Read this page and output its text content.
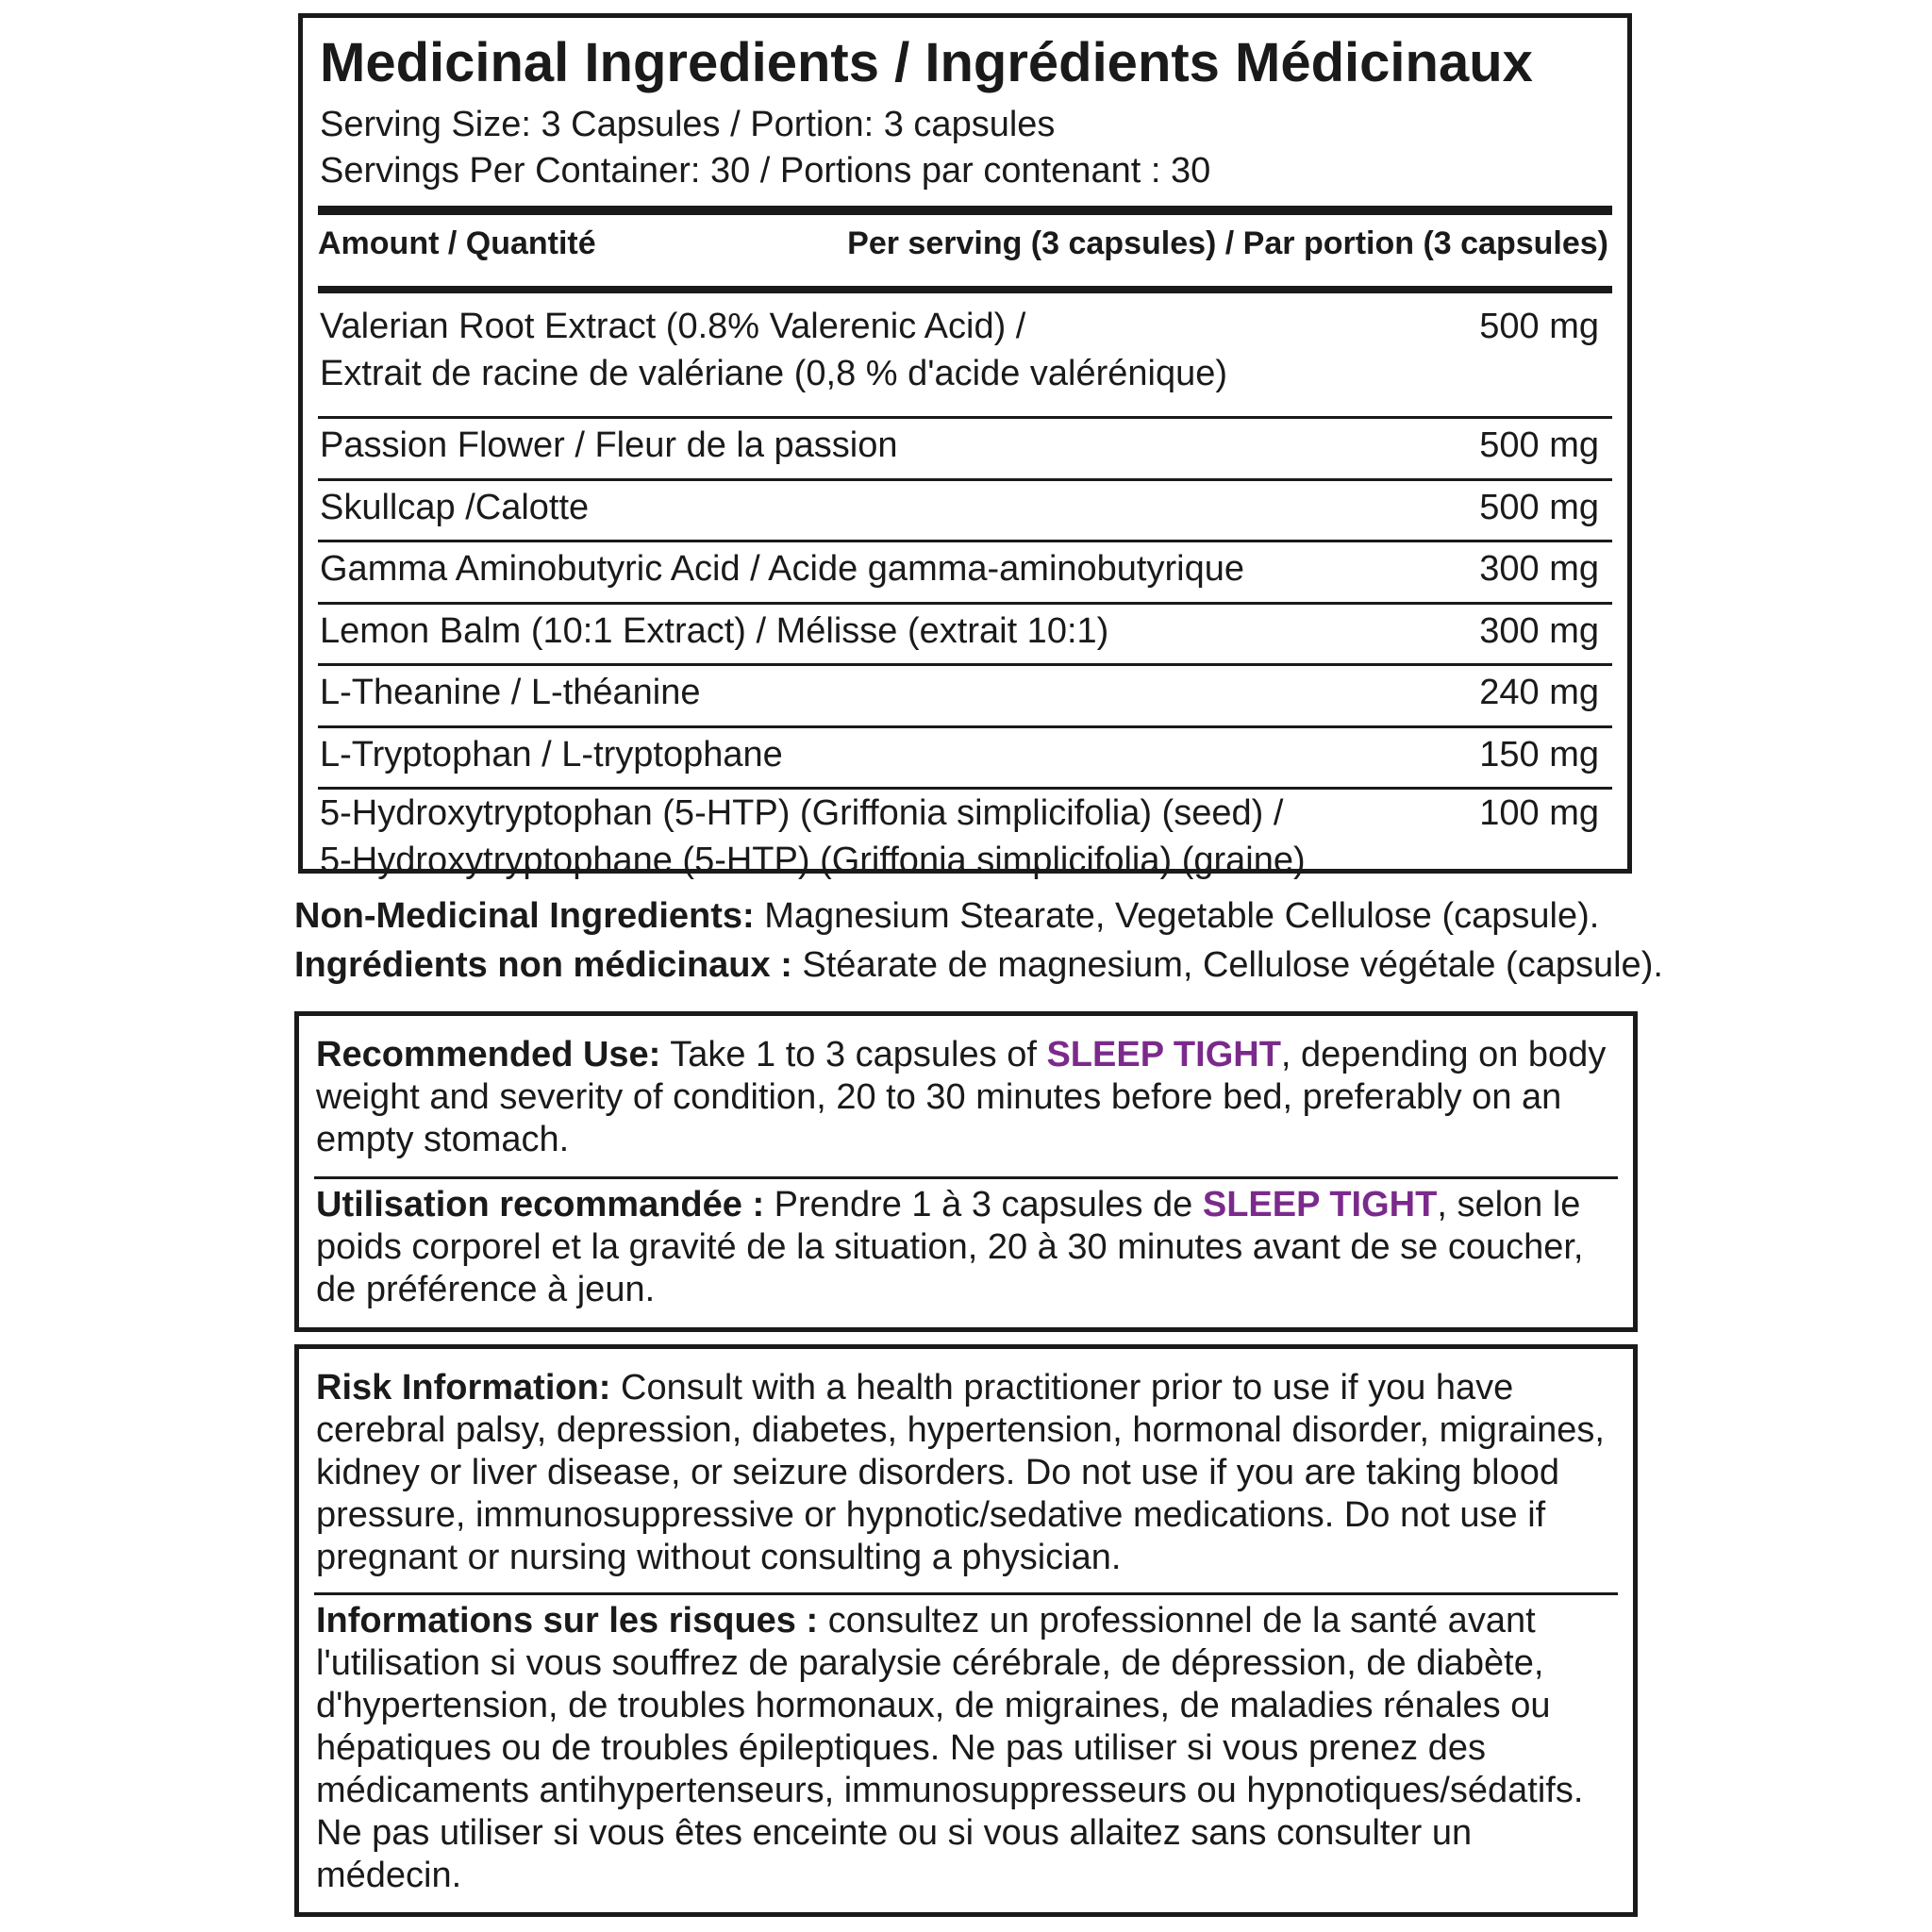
Medicinal Ingredients / Ingrédients Médicinaux
Serving Size: 3 Capsules / Portion: 3 capsules
Servings Per Container: 30 / Portions par contenant : 30
Amount / Quantité	Per serving (3 capsules) / Par portion (3 capsules)
Valerian Root Extract (0.8% Valerenic Acid) /
Extrait de racine de valériane (0,8 % d'acide valérénique)
500 mg
Passion Flower / Fleur de la passion	500 mg
Skullcap /Calotte	500 mg
Gamma Aminobutyric Acid / Acide gamma-aminobutyrique	300 mg
Lemon Balm (10:1 Extract) / Mélisse (extrait 10:1)	300 mg
L-Theanine / L-théanine	240 mg
L-Tryptophan / L-tryptophane	150 mg
5-Hydroxytryptophan (5-HTP) (Griffonia simplicifolia) (seed) /
5-Hydroxytryptophane (5-HTP) (Griffonia simplicifolia) (graine)
100 mg
Non-Medicinal Ingredients: Magnesium Stearate, Vegetable Cellulose (capsule).
Ingrédients non médicinaux : Stéarate de magnesium, Cellulose végétale (capsule).
Recommended Use: Take 1 to 3 capsules of SLEEP TIGHT, depending on body weight and severity of condition, 20 to 30 minutes before bed, preferably on an empty stomach.
Utilisation recommandée : Prendre 1 à 3 capsules de SLEEP TIGHT, selon le poids corporel et la gravité de la situation, 20 à 30 minutes avant de se coucher, de préférence à jeun.
Risk Information: Consult with a health practitioner prior to use if you have cerebral palsy, depression, diabetes, hypertension, hormonal disorder, migraines, kidney or liver disease, or seizure disorders. Do not use if you are taking blood pressure, immunosuppressive or hypnotic/sedative medications. Do not use if pregnant or nursing without consulting a physician.
Informations sur les risques : consultez un professionnel de la santé avant l'utilisation si vous souffrez de paralysie cérébrale, de dépression, de diabète, d'hypertension, de troubles hormonaux, de migraines, de maladies rénales ou hépatiques ou de troubles épileptiques. Ne pas utiliser si vous prenez des médicaments antihypertenseurs, immunosuppresseurs ou hypnotiques/sédatifs. Ne pas utiliser si vous êtes enceinte ou si vous allaitez sans consulter un médecin.
